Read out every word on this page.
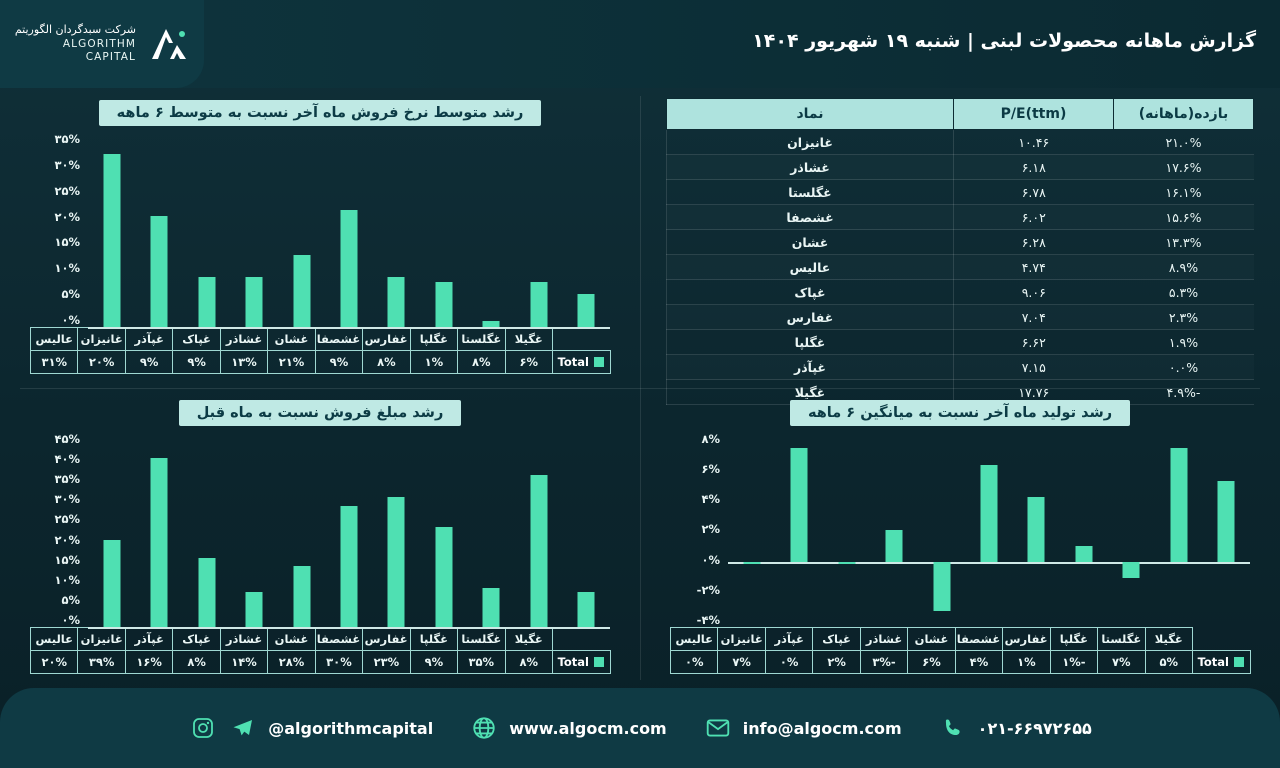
شرکت سبدگردان الگوریتم
ALGORITHM CAPITAL
گزارش ماهانه محصولات لبنی | شنبه ۱۹ شهریور ۱۴۰۴
بازده(ماهانه)	P/E(ttm)	نماد
۲۱.۰%	۱۰.۴۶	غانیزان
۱۷.۶%	۶.۱۸	غشاذر
۱۶.۱%	۶.۷۸	غگلستا
۱۵.۶%	۶.۰۲	غشصفا
۱۳.۳%	۶.۲۸	غشان
۸.۹%	۴.۷۴	عالیس
۵.۳%	۹.۰۶	غپاک
۲.۳%	۷.۰۴	غفارس
۱.۹%	۶.۶۲	غگلپا
۰.۰%	۷.۱۵	غپآذر
-۴.۹%	۱۷.۷۶	غگیلا
رشد متوسط نرخ فروش ماه آخر نسبت به متوسط ۶ ماهه
۳۵%
۳۰%
۲۵%
۲۰%
۱۵%
۱۰%
۵%
۰%
	غگیلا	غگلستا	غگلپا	غفارس	غشصفا	غشان	غشاذر	غپاک	غپآذر	غانیزان	عالیس
Total	۶%	۸%	۱%	۸%	۹%	۲۱%	۱۳%	۹%	۹%	۲۰%	۳۱%
رشد تولید ماه آخر نسبت به میانگین ۶ ماهه
۸%
۶%
۴%
۲%
۰%
-۲%
-۴%
	غگیلا	غگلستا	غگلپا	غفارس	غشصفا	غشان	غشاذر	غپاک	غپآذر	غانیزان	عالیس
Total	۵%	۷%	-۱%	۱%	۴%	۶%	-۳%	۲%	۰%	۷%	۰%
رشد مبلغ فروش نسبت به ماه قبل
۴۵%
۴۰%
۳۵%
۳۰%
۲۵%
۲۰%
۱۵%
۱۰%
۵%
۰%
	غگیلا	غگلستا	غگلپا	غفارس	غشصفا	غشان	غشاذر	غپاک	غپآذر	غانیزان	عالیس
Total	۸%	۳۵%	۹%	۲۳%	۳۰%	۲۸%	۱۴%	۸%	۱۶%	۳۹%	۲۰%
@algorithmcapital	www.algocm.com	info@algocm.com	۰۲۱-۶۶۹۷۲۶۵۵
